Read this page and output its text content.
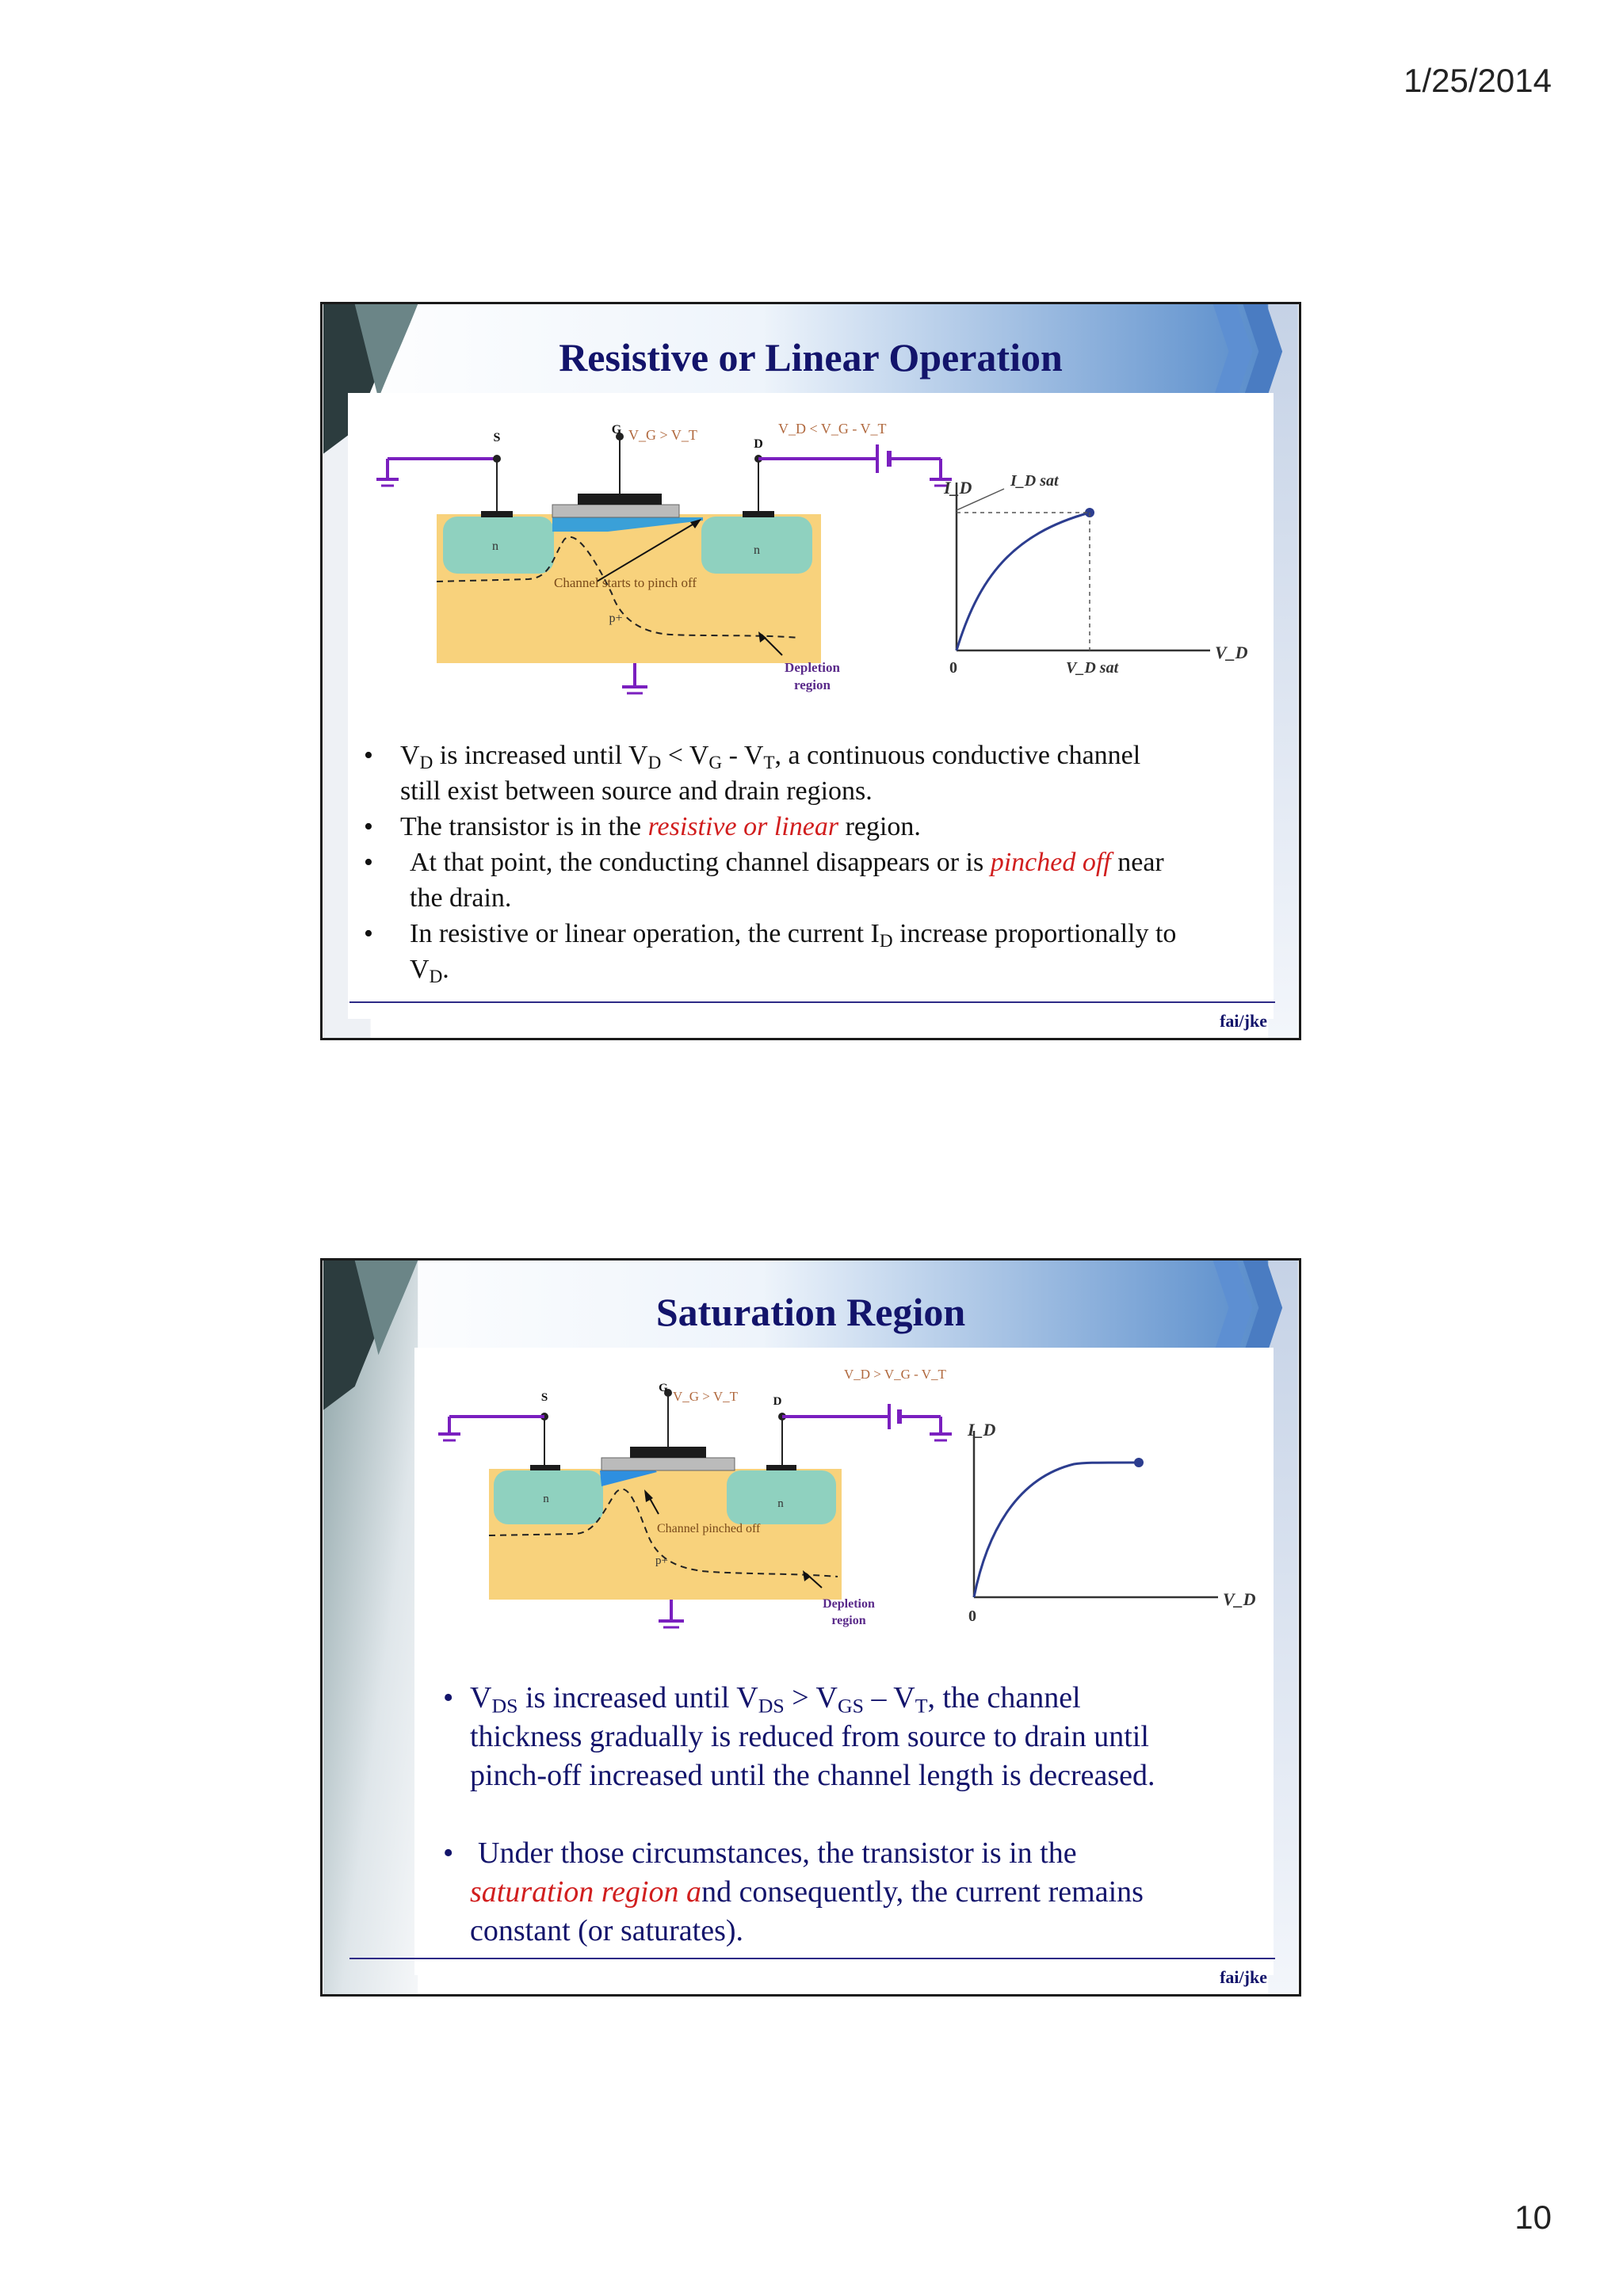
1/25/2014
Resistive or Linear Operation
S
G
D
V_G > V_T	V_D < V_G - V_T
n	n
p+
Channel starts to pinch off
Depletion
region
I_D I_D sat
V_D
V_D sat
0
• $V_D$ is increased until $V_D < V_G - V_T$, a continuous conductive channel
still exist between source and drain regions.
• The transistor is in the resistive or linear region.
• At that point, the conducting channel disappears or is pinched off near
the drain.
• In resistive or linear operation, the current $I_D$ increase proportionally to
$V_D$.
fai/jke
Saturation Region
S
G
D
V_G > V_T
V_D > V_G - V_T
n	n
p+
Channel pinched off
Depletion
region
I_D
V_D
0
• $V_{DS}$ is increased until $V_{DS} > V_{GS} - V_T$, the channel
thickness gradually is reduced from source to drain until
pinch-off increased until the channel length is decreased.
• Under those circumstances, the transistor is in the
saturation region and consequently, the current remains
constant (or saturates).
fai/jke
10
